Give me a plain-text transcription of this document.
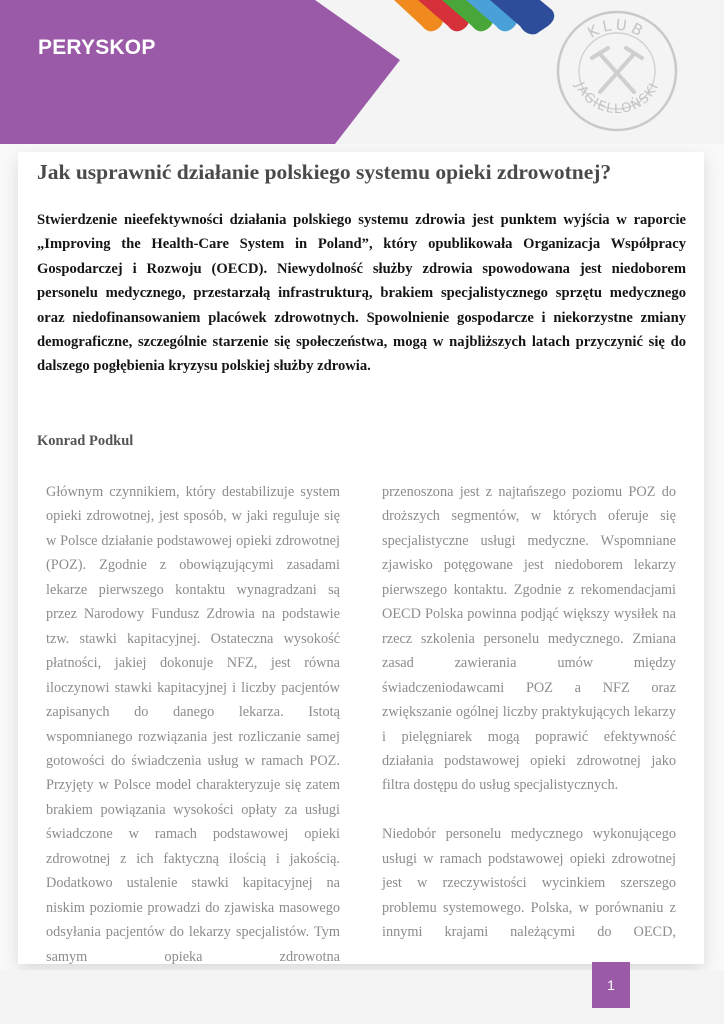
PERYSKOP
KLUB
JAGIELLOŃSKI
Jak usprawnić działanie polskiego systemu opieki zdrowotnej?

Stwierdzenie nieefektywności działania polskiego systemu zdrowia jest punktem wyjścia w raporcie „Improving the Health-Care System in Poland”, który opublikowała Organizacja Współpracy Gospodarczej i Rozwoju (OECD). Niewydolność służby zdrowia spowodowana jest niedoborem personelu medycznego, przestarzałą infrastrukturą, brakiem specjalistycznego sprzętu medycznego oraz niedofinansowaniem placówek zdrowotnych. Spowolnienie gospodarcze i niekorzystne zmiany demograficzne, szczególnie starzenie się społeczeństwa, mogą w najbliższych latach przyczynić się do dalszego pogłębienia kryzysu polskiej służby zdrowia.

Konrad Podkul

Głównym czynnikiem, który destabilizuje system opieki zdrowotnej, jest sposób, w jaki reguluje się w Polsce działanie podstawowej opieki zdrowotnej (POZ). Zgodnie z obowiązującymi zasadami lekarze pierwszego kontaktu wynagradzani są przez Narodowy Fundusz Zdrowia na podstawie tzw. stawki kapitacyjnej. Ostateczna wysokość płatności, jakiej dokonuje NFZ, jest równa iloczynowi stawki kapitacyjnej i liczby pacjentów zapisanych do danego lekarza. Istotą wspomnianego rozwiązania jest rozliczanie samej gotowości do świadczenia usług w ramach POZ. Przyjęty w Polsce model charakteryzuje się zatem brakiem powiązania wysokości opłaty za usługi świadczone w ramach podstawowej opieki zdrowotnej z ich faktyczną ilością i jakością. Dodatkowo ustalenie stawki kapitacyjnej na niskim poziomie prowadzi do zjawiska masowego odsyłania pacjentów do lekarzy specjalistów. Tym samym opieka zdrowotna

przenoszona jest z najtańszego poziomu POZ do droższych segmentów, w których oferuje się specjalistyczne usługi medyczne. Wspomniane zjawisko potęgowane jest niedoborem lekarzy pierwszego kontaktu. Zgodnie z rekomendacjami OECD Polska powinna podjąć większy wysiłek na rzecz szkolenia personelu medycznego. Zmiana zasad zawierania umów między świadczeniodawcami POZ a NFZ oraz zwiększanie ogólnej liczby praktykujących lekarzy i pielęgniarek mogą poprawić efektywność działania podstawowej opieki zdrowotnej jako filtra dostępu do usług specjalistycznych.

Niedobór personelu medycznego wykonującego usługi w ramach podstawowej opieki zdrowotnej jest w rzeczywistości wycinkiem szerszego problemu systemowego. Polska, w porównaniu z innymi krajami należącymi do OECD,

1
